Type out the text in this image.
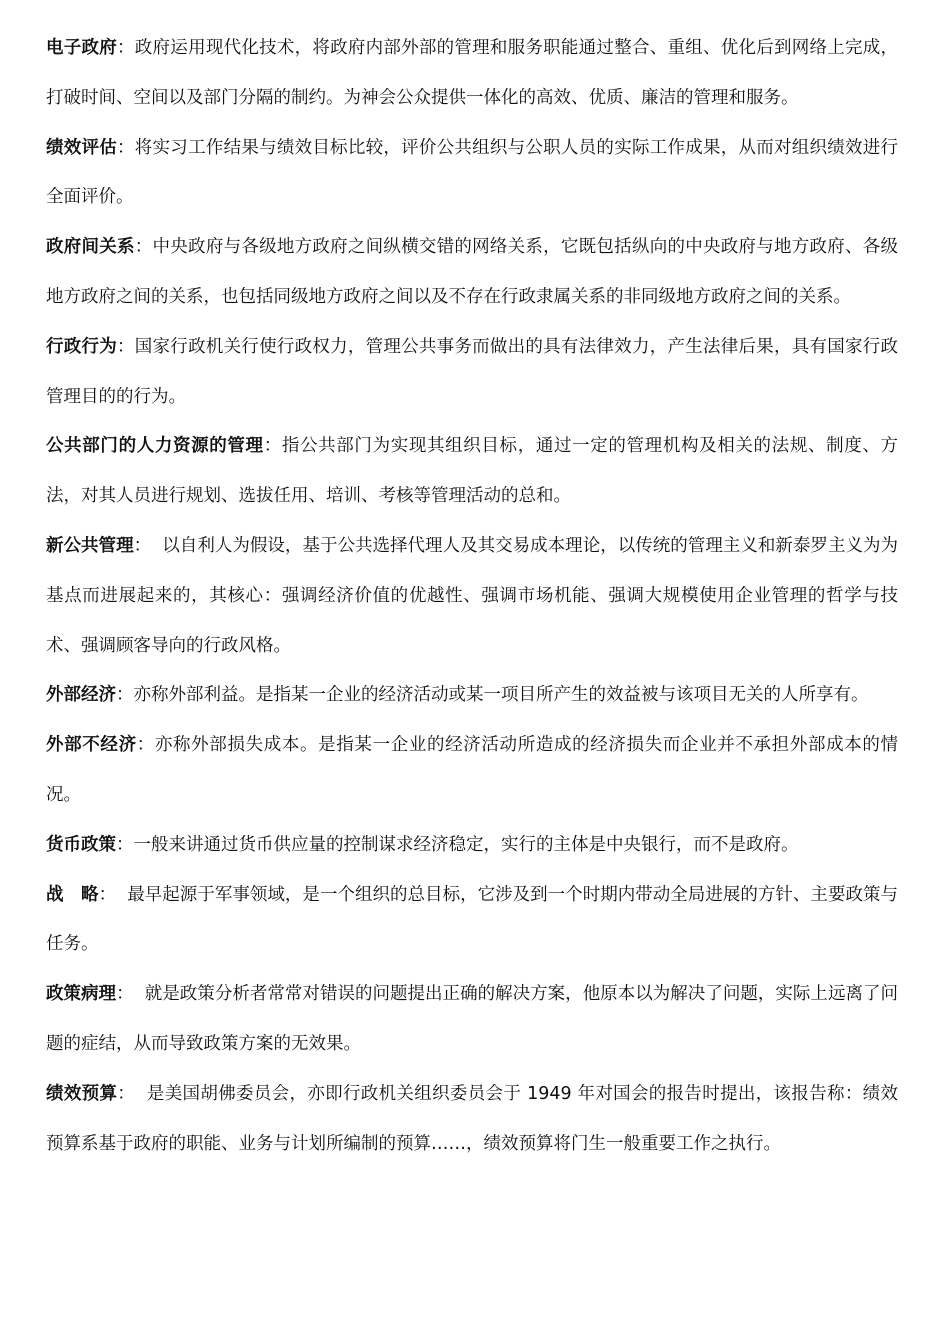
电子政府：政府运用现代化技术，将政府内部外部的管理和服务职能通过整合、重组、优化后到网络上完成，打破时间、空间以及部门分隔的制约。为神会公众提供一体化的高效、优质、廉洁的管理和服务。

绩效评估：将实习工作结果与绩效目标比较，评价公共组织与公职人员的实际工作成果，从而对组织绩效进行全面评价。

政府间关系：中央政府与各级地方政府之间纵横交错的网络关系，它既包括纵向的中央政府与地方政府、各级地方政府之间的关系，也包括同级地方政府之间以及不存在行政隶属关系的非同级地方政府之间的关系。

行政行为：国家行政机关行使行政权力，管理公共事务而做出的具有法律效力，产生法律后果，具有国家行政管理目的的行为。

公共部门的人力资源的管理：指公共部门为实现其组织目标，通过一定的管理机构及相关的法规、制度、方法，对其人员进行规划、选拔任用、培训、考核等管理活动的总和。

新公共管理：  以自利人为假设，基于公共选择代理人及其交易成本理论，以传统的管理主义和新泰罗主义为为基点而进展起来的，其核心：强调经济价值的优越性、强调市场机能、强调大规模使用企业管理的哲学与技术、强调顾客导向的行政风格。

外部经济：亦称外部利益。是指某一企业的经济活动或某一项目所产生的效益被与该项目无关的人所享有。

外部不经济：亦称外部损失成本。是指某一企业的经济活动所造成的经济损失而企业并不承担外部成本的情况。

货币政策：一般来讲通过货币供应量的控制谋求经济稳定，实行的主体是中央银行，而不是政府。

战　略：  最早起源于军事领域，是一个组织的总目标，它涉及到一个时期内带动全局进展的方针、主要政策与任务。

政策病理：  就是政策分析者常常对错误的问题提出正确的解决方案，他原本以为解决了问题，实际上远离了问题的症结，从而导致政策方案的无效果。

绩效预算：  是美国胡佛委员会，亦即行政机关组织委员会于 1949 年对国会的报告时提出，该报告称：绩效预算系基于政府的职能、业务与计划所编制的预算……，绩效预算将门生一般重要工作之执行。
